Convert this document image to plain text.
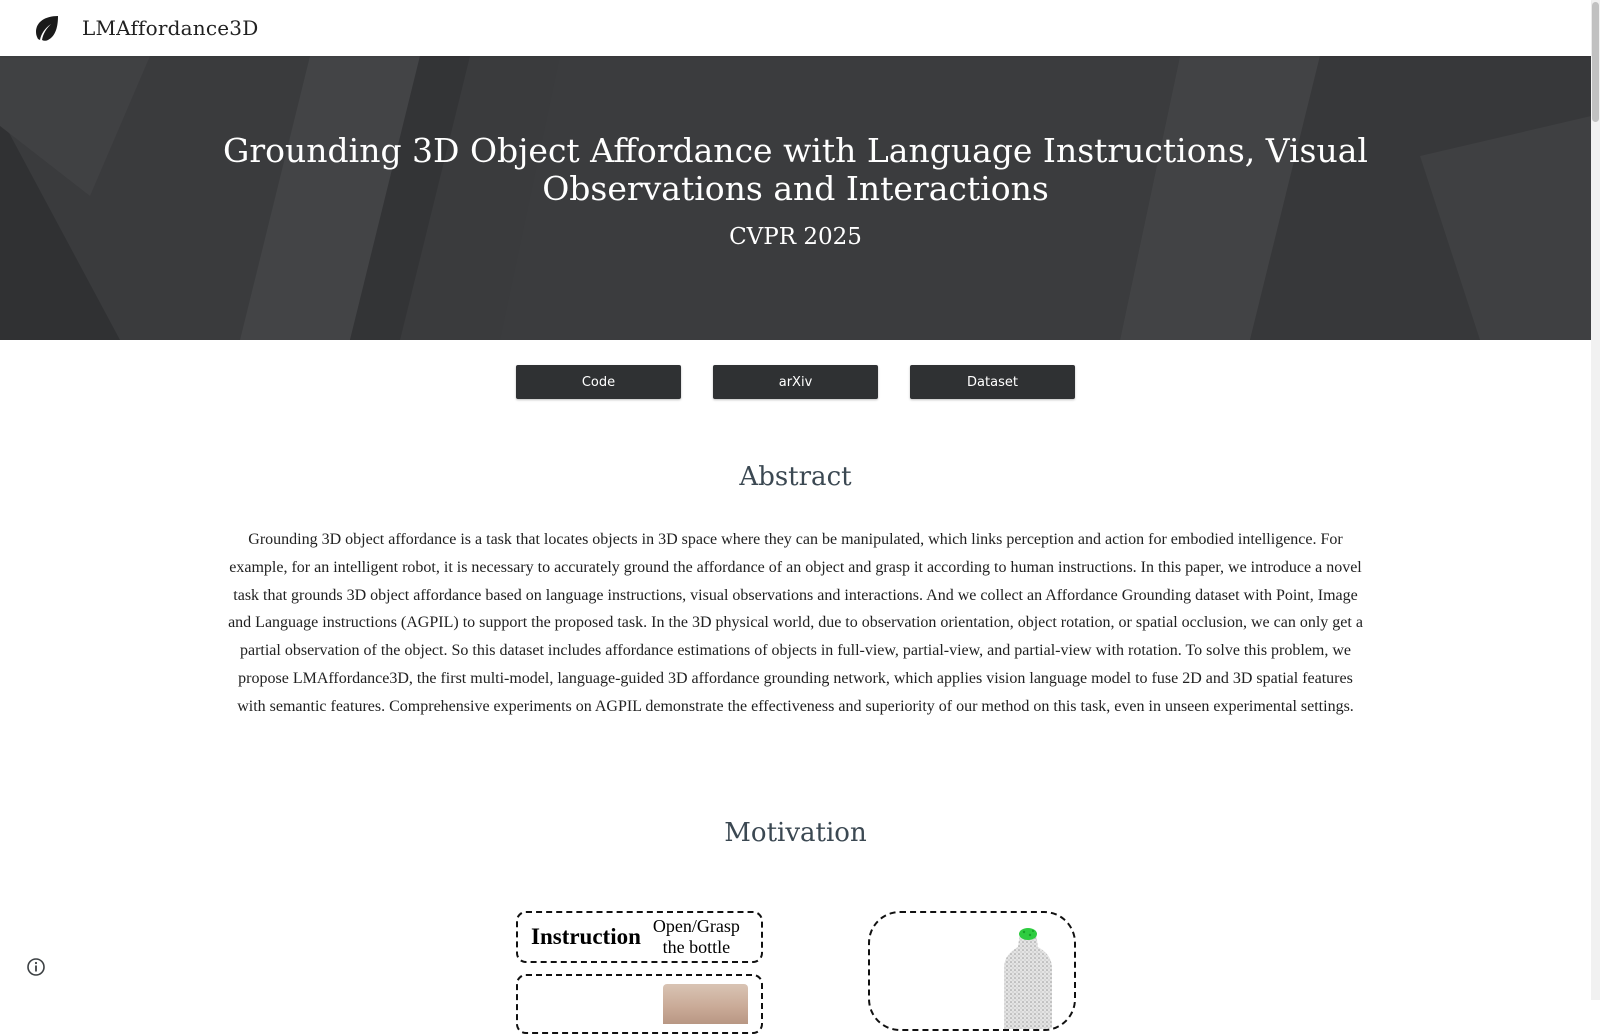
LMAffordance3D
Grounding 3D Object Affordance with Language Instructions, Visual Observations and Interactions
CVPR 2025
Code	arXiv	Dataset
Abstract
Grounding 3D object affordance is a task that locates objects in 3D space where they can be manipulated, which links perception and action for embodied intelligence. For example, for an intelligent robot, it is necessary to accurately ground the affordance of an object and grasp it according to human instructions. In this paper, we introduce a novel task that grounds 3D object affordance based on language instructions, visual observations and interactions. And we collect an Affordance Grounding dataset with Point, Image and Language instructions (AGPIL) to support the proposed task. In the 3D physical world, due to observation orientation, object rotation, or spatial occlusion, we can only get a partial observation of the object. So this dataset includes affordance estimations of objects in full-view, partial-view, and partial-view with rotation. To solve this problem, we propose LMAffordance3D, the first multi-model, language-guided 3D affordance grounding network, which applies vision language model to fuse 2D and 3D spatial features with semantic features. Comprehensive experiments on AGPIL demonstrate the effectiveness and superiority of our method on this task, even in unseen experimental settings.
Motivation
Instruction Open/Grasp
the bottle
